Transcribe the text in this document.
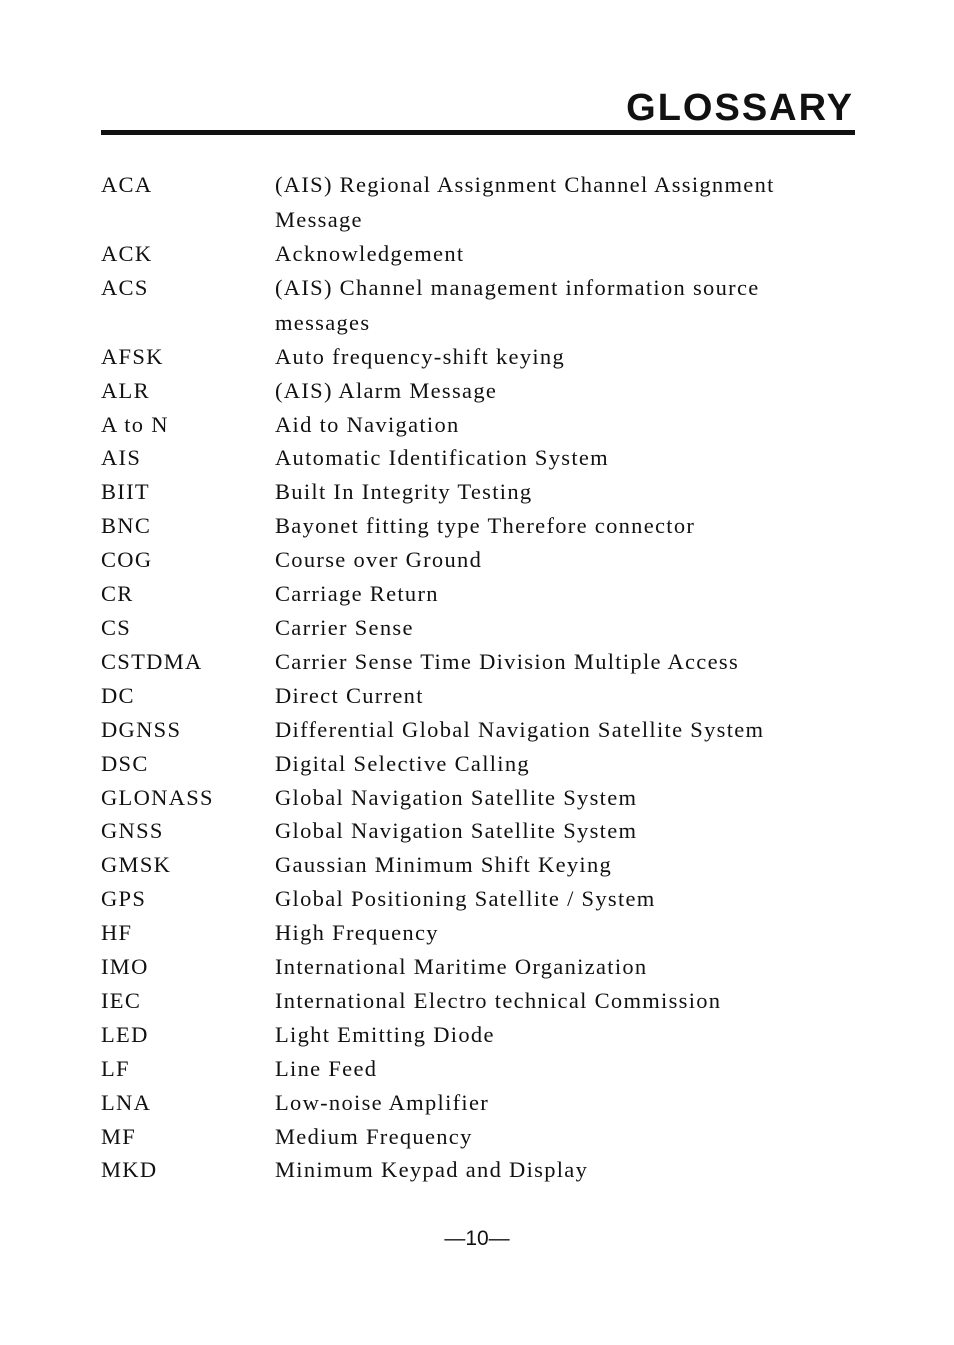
GLOSSARY
ACA	(AIS) Regional Assignment Channel Assignment
Message
ACK	Acknowledgement
ACS	(AIS) Channel management information source
messages
AFSK	Auto frequency-shift keying
ALR	(AIS) Alarm Message
A to N	Aid to Navigation
AIS	Automatic Identification System
BIIT	Built In Integrity Testing
BNC	Bayonet fitting type Therefore connector
COG	Course over Ground
CR	Carriage Return
CS	Carrier Sense
CSTDMA	Carrier Sense Time Division Multiple Access
DC	Direct Current
DGNSS	Differential Global Navigation Satellite System
DSC	Digital Selective Calling
GLONASS	Global Navigation Satellite System
GNSS	Global Navigation Satellite System
GMSK	Gaussian Minimum Shift Keying
GPS	Global Positioning Satellite / System
HF	High Frequency
IMO	International Maritime Organization
IEC	International Electro technical Commission
LED	Light Emitting Diode
LF	Line Feed
LNA	Low-noise Amplifier
MF	Medium Frequency
MKD	Minimum Keypad and Display
—10—
